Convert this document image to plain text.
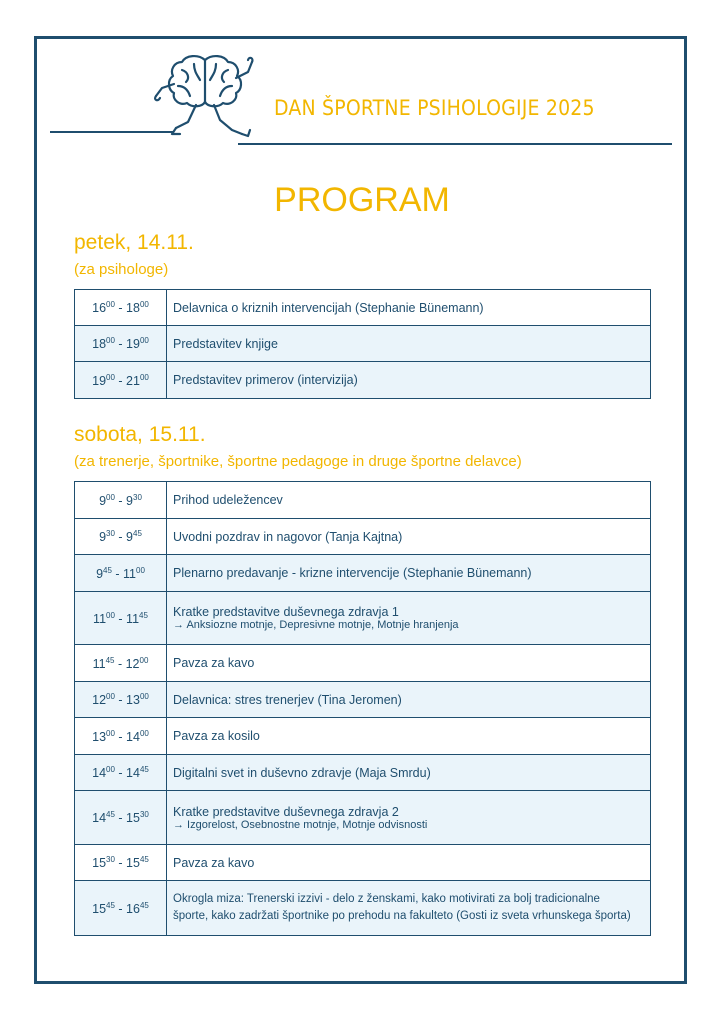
DAN ŠPORTNE PSIHOLOGIJE 2025
PROGRAM
petek, 14.11.
(za psihologe)
$16^{00} - 18^{00}$	Delavnica o kriznih intervencijah (Stephanie Bünemann)
$18^{00} - 19^{00}$	Predstavitev knjige
$19^{00} - 21^{00}$	Predstavitev primerov (intervizija)
sobota, 15.11.
(za trenerje, športnike, športne pedagoge in druge športne delavce)
$9^{00} - 9^{30}$	Prihod udeležencev
$9^{30} - 9^{45}$	Uvodni pozdrav in nagovor (Tanja Kajtna)
$9^{45} - 11^{00}$	Plenarno predavanje - krizne intervencije (Stephanie Bünemann)
$11^{00} - 11^{45}$	Kratke predstavitve duševnega zdravja 1
→ Anksiozne motnje, Depresivne motnje, Motnje hranjenja

$11^{45} - 12^{00}$	Pavza za kavo
$12^{00} - 13^{00}$	Delavnica: stres trenerjev (Tina Jeromen)
$13^{00} - 14^{00}$	Pavza za kosilo
$14^{00} - 14^{45}$	Digitalni svet in duševno zdravje (Maja Smrdu)
$14^{45} - 15^{30}$	Kratke predstavitve duševnega zdravja 2
→ Izgorelost, Osebnostne motnje, Motnje odvisnosti

$15^{30} - 15^{45}$	Pavza za kavo
$15^{45} - 16^{45}$	Okrogla miza: Trenerski izzivi - delo z ženskami, kako motivirati za bolj tradicionalne
športe, kako zadržati športnike po prehodu na fakulteto (Gosti iz sveta vrhunskega športa)
